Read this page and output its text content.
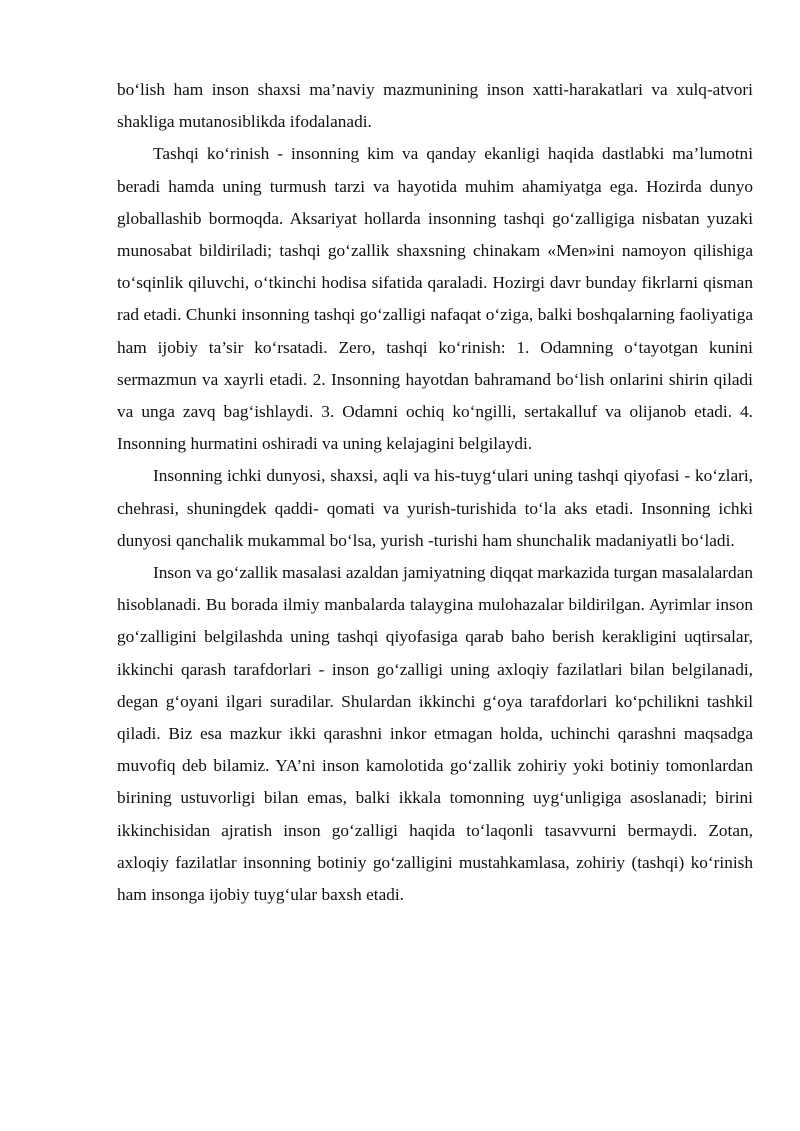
bo‘lish ham inson shaxsi ma’naviy mazmunining inson xatti-harakatlari va xulq-atvori shakliga mutanosiblikda ifodalanadi.

Tashqi ko‘rinish - insonning kim va qanday ekanligi haqida dastlabki ma’lumotni beradi hamda uning turmush tarzi va hayotida muhim ahamiyatga ega. Hozirda dunyo globallashib bormoqda. Aksariyat hollarda insonning tashqi go‘zalligiga nisbatan yuzaki munosabat bildiriladi; tashqi go‘zallik shaxsning chinakam «Men»ini namoyon qilishiga to‘sqinlik qiluvchi, o‘tkinchi hodisa sifatida qaraladi. Hozirgi davr bunday fikrlarni qisman rad etadi. Chunki insonning tashqi go‘zalligi nafaqat o‘ziga, balki boshqalarning faoliyatiga ham ijobiy ta’sir ko‘rsatadi. Zero, tashqi ko‘rinish: 1. Odamning o‘tayotgan kunini sermazmun va xayrli etadi. 2. Insonning hayotdan bahramand bo‘lish onlarini shirin qiladi va unga zavq bag‘ishlaydi. 3. Odamni ochiq ko‘ngilli, sertakalluf va olijanob etadi. 4. Insonning hurmatini oshiradi va uning kelajagini belgilaydi.

Insonning ichki dunyosi, shaxsi, aqli va his-tuyg‘ulari uning tashqi qiyofasi - ko‘zlari, chehrasi, shuningdek qaddi- qomati va yurish-turishida to‘la aks etadi. Insonning ichki dunyosi qanchalik mukammal bo‘lsa, yurish -turishi ham shunchalik madaniyatli bo‘ladi.

Inson va go‘zallik masalasi azaldan jamiyatning diqqat markazida turgan masalalardan hisoblanadi. Bu borada ilmiy manbalarda talaygina mulohazalar bildirilgan. Ayrimlar inson go‘zalligini belgilashda uning tashqi qiyofasiga qarab baho berish kerakligini uqtirsalar, ikkinchi qarash tarafdorlari - inson go‘zalligi uning axloqiy fazilatlari bilan belgilanadi, degan g‘oyani ilgari suradilar. Shulardan ikkinchi g‘oya tarafdorlari ko‘pchilikni tashkil qiladi. Biz esa mazkur ikki qarashni inkor etmagan holda, uchinchi qarashni maqsadga muvofiq deb bilamiz. YA’ni inson kamolotida go‘zallik zohiriy yoki botiniy tomonlardan birining ustuvorligi bilan emas, balki ikkala tomonning uyg‘unligiga asoslanadi; birini ikkinchisidan ajratish inson go‘zalligi haqida to‘laqonli tasavvurni bermaydi. Zotan, axloqiy fazilatlar insonning botiniy go‘zalligini mustahkamlasa, zohiriy (tashqi) ko‘rinish ham insonga ijobiy tuyg‘ular baxsh etadi.
